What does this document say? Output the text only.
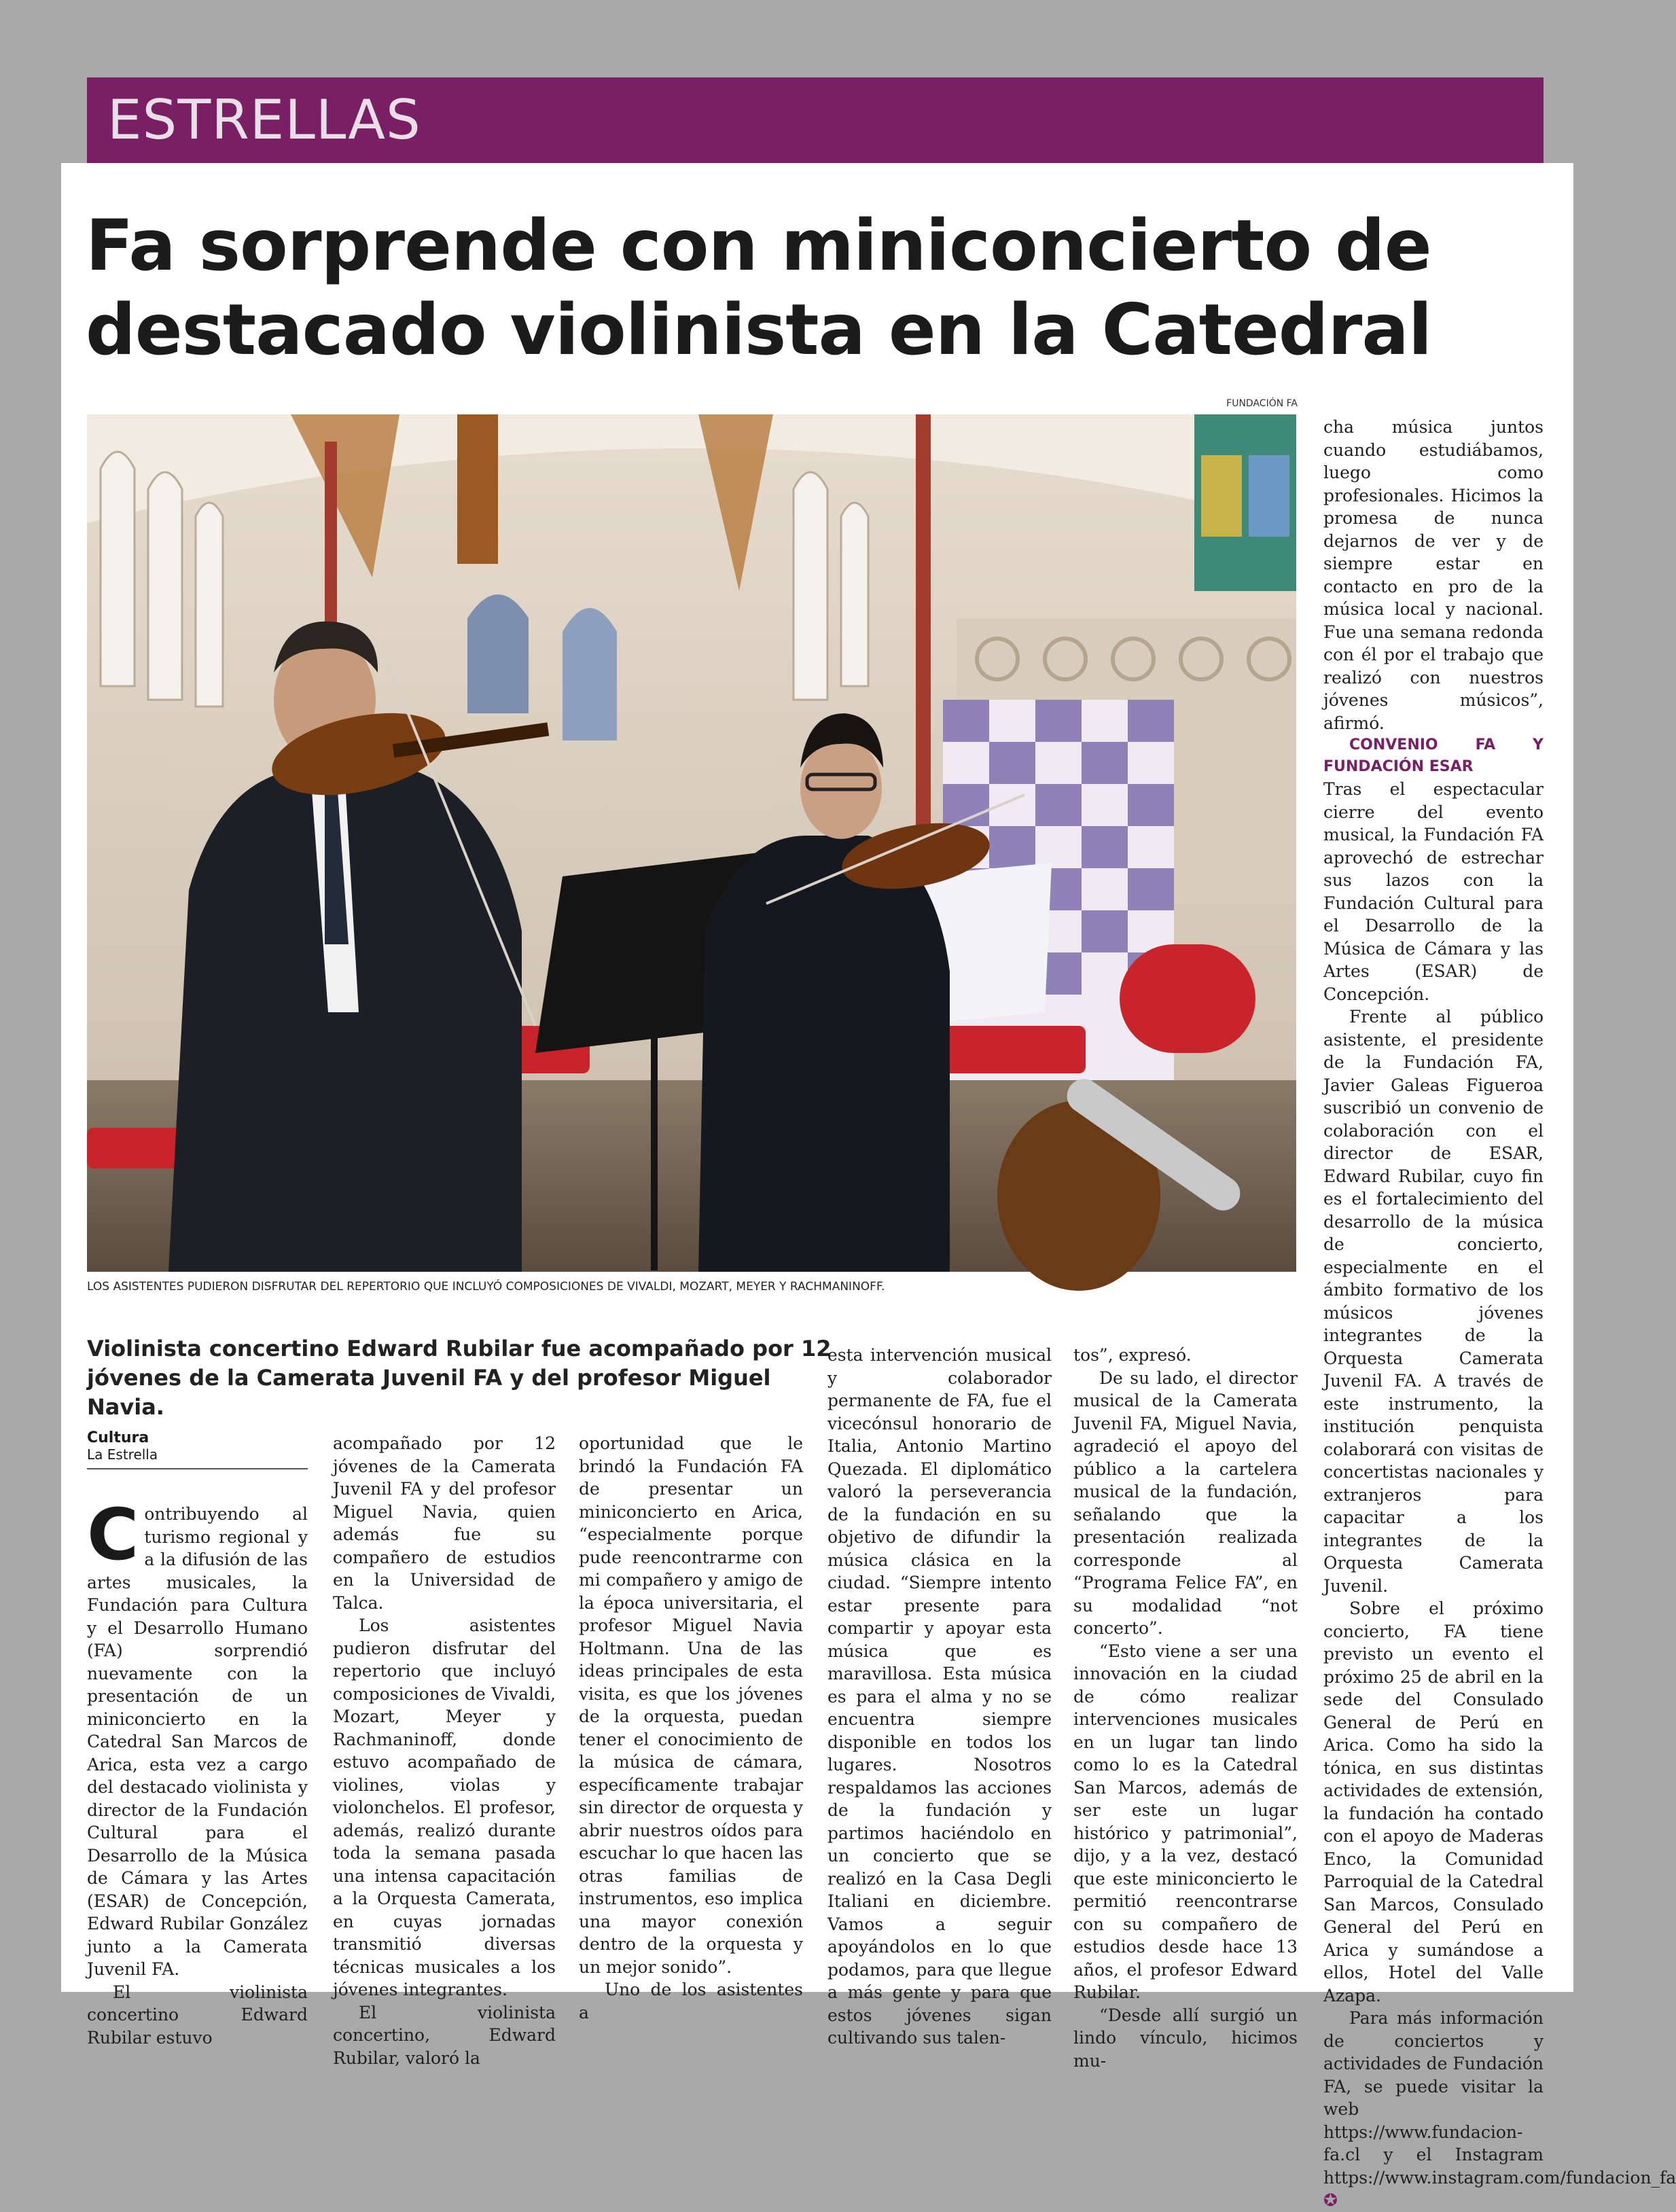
ESTRELLAS
Fa sorprende con miniconcierto de destacado violinista en la Catedral
FUNDACIÓN FA
LOS ASISTENTES PUDIERON DISFRUTAR DEL REPERTORIO QUE INCLUYÓ COMPOSICIONES DE VIVALDI, MOZART, MEYER Y RACHMANINOFF.
Violinista concertino Edward Rubilar fue acompañado por 12 jóvenes de la Camerata Juvenil FA y del profesor Miguel Navia.
Cultura
La Estrella

Contribuyendo al turismo regional y a la difusión de las artes musicales, la Fundación para Cultura y el Desarrollo Humano (FA) sorprendió nuevamente con la presentación de un miniconcierto en la Catedral San Marcos de Arica, esta vez a cargo del destacado violinista y director de la Fundación Cultural para el Desarrollo de la Música de Cámara y las Artes (ESAR) de Concepción, Edward Rubilar González junto a la Camerata Juvenil FA.

El violinista concertino Edward Rubilar estuvo

acompañado por 12 jóvenes de la Camerata Juvenil FA y del profesor Miguel Navia, quien además fue su compañero de estudios en la Universidad de Talca.

Los asistentes pudieron disfrutar del repertorio que incluyó composiciones de Vivaldi, Mozart, Meyer y Rachmaninoff, donde estuvo acompañado de violines, violas y violonchelos. El profesor, además, realizó durante toda la semana pasada una intensa capacitación a la Orquesta Camerata, en cuyas jornadas transmitió diversas técnicas musicales a los jóvenes integrantes.

El violinista concertino, Edward Rubilar, valoró la

oportunidad que le brindó la Fundación FA de presentar un miniconcierto en Arica, “especialmente porque pude reencontrarme con mi compañero y amigo de la época universitaria, el profesor Miguel Navia Holtmann. Una de las ideas principales de esta visita, es que los jóvenes de la orquesta, puedan tener el conocimiento de la música de cámara, específicamente trabajar sin director de orquesta y abrir nuestros oídos para escuchar lo que hacen las otras familias de instrumentos, eso implica una mayor conexión dentro de la orquesta y un mejor sonido”.

Uno de los asistentes a

esta intervención musical y colaborador permanente de FA, fue el vicecónsul honorario de Italia, Antonio Martino Quezada. El diplomático valoró la perseverancia de la fundación en su objetivo de difundir la música clásica en la ciudad. “Siempre intento estar presente para compartir y apoyar esta música que es maravillosa. Esta música es para el alma y no se encuentra siempre disponible en todos los lugares. Nosotros respaldamos las acciones de la fundación y partimos haciéndolo en un concierto que se realizó en la Casa Degli Italiani en diciembre. Vamos a seguir apoyándolos en lo que podamos, para que llegue a más gente y para que estos jóvenes sigan cultivando sus talen-

tos”, expresó.

De su lado, el director musical de la Camerata Juvenil FA, Miguel Navia, agradeció el apoyo del público a la cartelera musical de la fundación, señalando que la presentación realizada corresponde al “Programa Felice FA”, en su modalidad “not concerto”.

“Esto viene a ser una innovación en la ciudad de cómo realizar intervenciones musicales en un lugar tan lindo como lo es la Catedral San Marcos, además de ser este un lugar histórico y patrimonial”, dijo, y a la vez, destacó que este miniconcierto le permitió reencontrarse con su compañero de estudios desde hace 13 años, el profesor Edward Rubilar.

“Desde allí surgió un lindo vínculo, hicimos mu-

cha música juntos cuando estudiábamos, luego como profesionales. Hicimos la promesa de nunca dejarnos de ver y de siempre estar en contacto en pro de la música local y nacional. Fue una semana redonda con él por el trabajo que realizó con nuestros jóvenes músicos”, afirmó.

CONVENIO FA Y FUNDACIÓN ESAR

Tras el espectacular cierre del evento musical, la Fundación FA aprovechó de estrechar sus lazos con la Fundación Cultural para el Desarrollo de la Música de Cámara y las Artes (ESAR) de Concepción.

Frente al público asistente, el presidente de la Fundación FA, Javier Galeas Figueroa suscribió un convenio de colaboración con el director de ESAR, Edward Rubilar, cuyo fin es el fortalecimiento del desarrollo de la música de concierto, especialmente en el ámbito formativo de los músicos jóvenes integrantes de la Orquesta Camerata Juvenil FA. A través de este instrumento, la institución penquista colaborará con visitas de concertistas nacionales y extranjeros para capacitar a los integrantes de la Orquesta Camerata Juvenil.

Sobre el próximo concierto, FA tiene previsto un evento el próximo 25 de abril en la sede del Consulado General de Perú en Arica. Como ha sido la tónica, en sus distintas actividades de extensión, la fundación ha contado con el apoyo de Maderas Enco, la Comunidad Parroquial de la Catedral San Marcos, Consulado General del Perú en Arica y sumándose a ellos, Hotel del Valle Azapa.

Para más información de conciertos y actividades de Fundación FA, se puede visitar la web https://www.fundacion-fa.cl y el Instagram https://www.instagram.com/fundacion_fa ✪
